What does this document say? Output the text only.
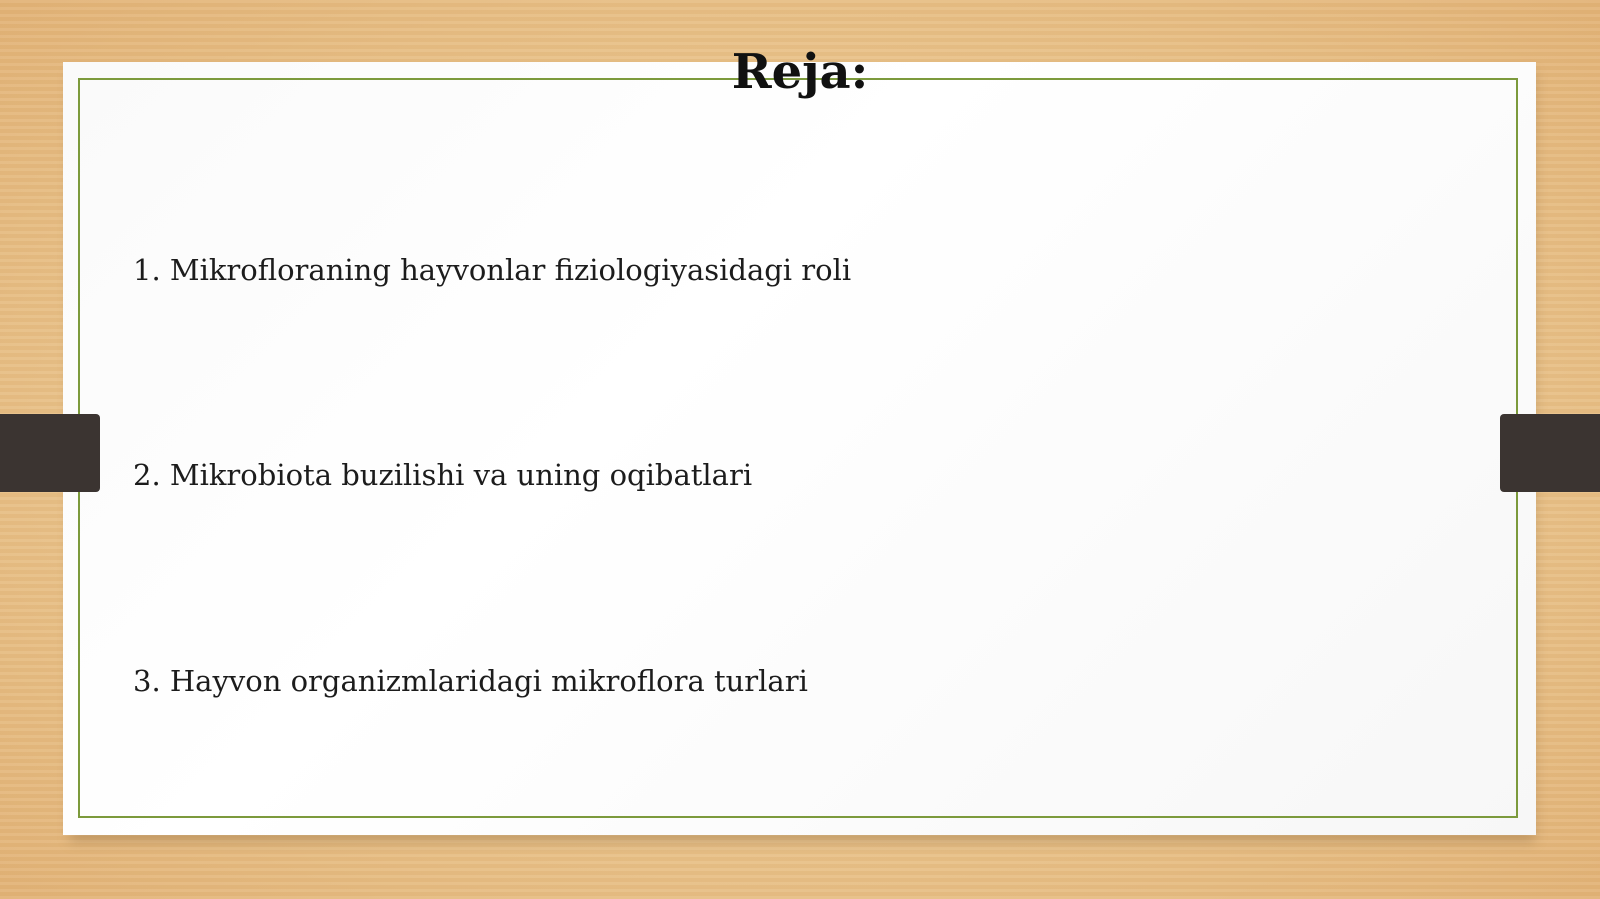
Reja:
1. Mikrofloraning hayvonlar fiziologiyasidagi roli
2. Mikrobiota buzilishi va uning oqibatlari
3. Hayvon organizmlaridagi mikroflora turlari
